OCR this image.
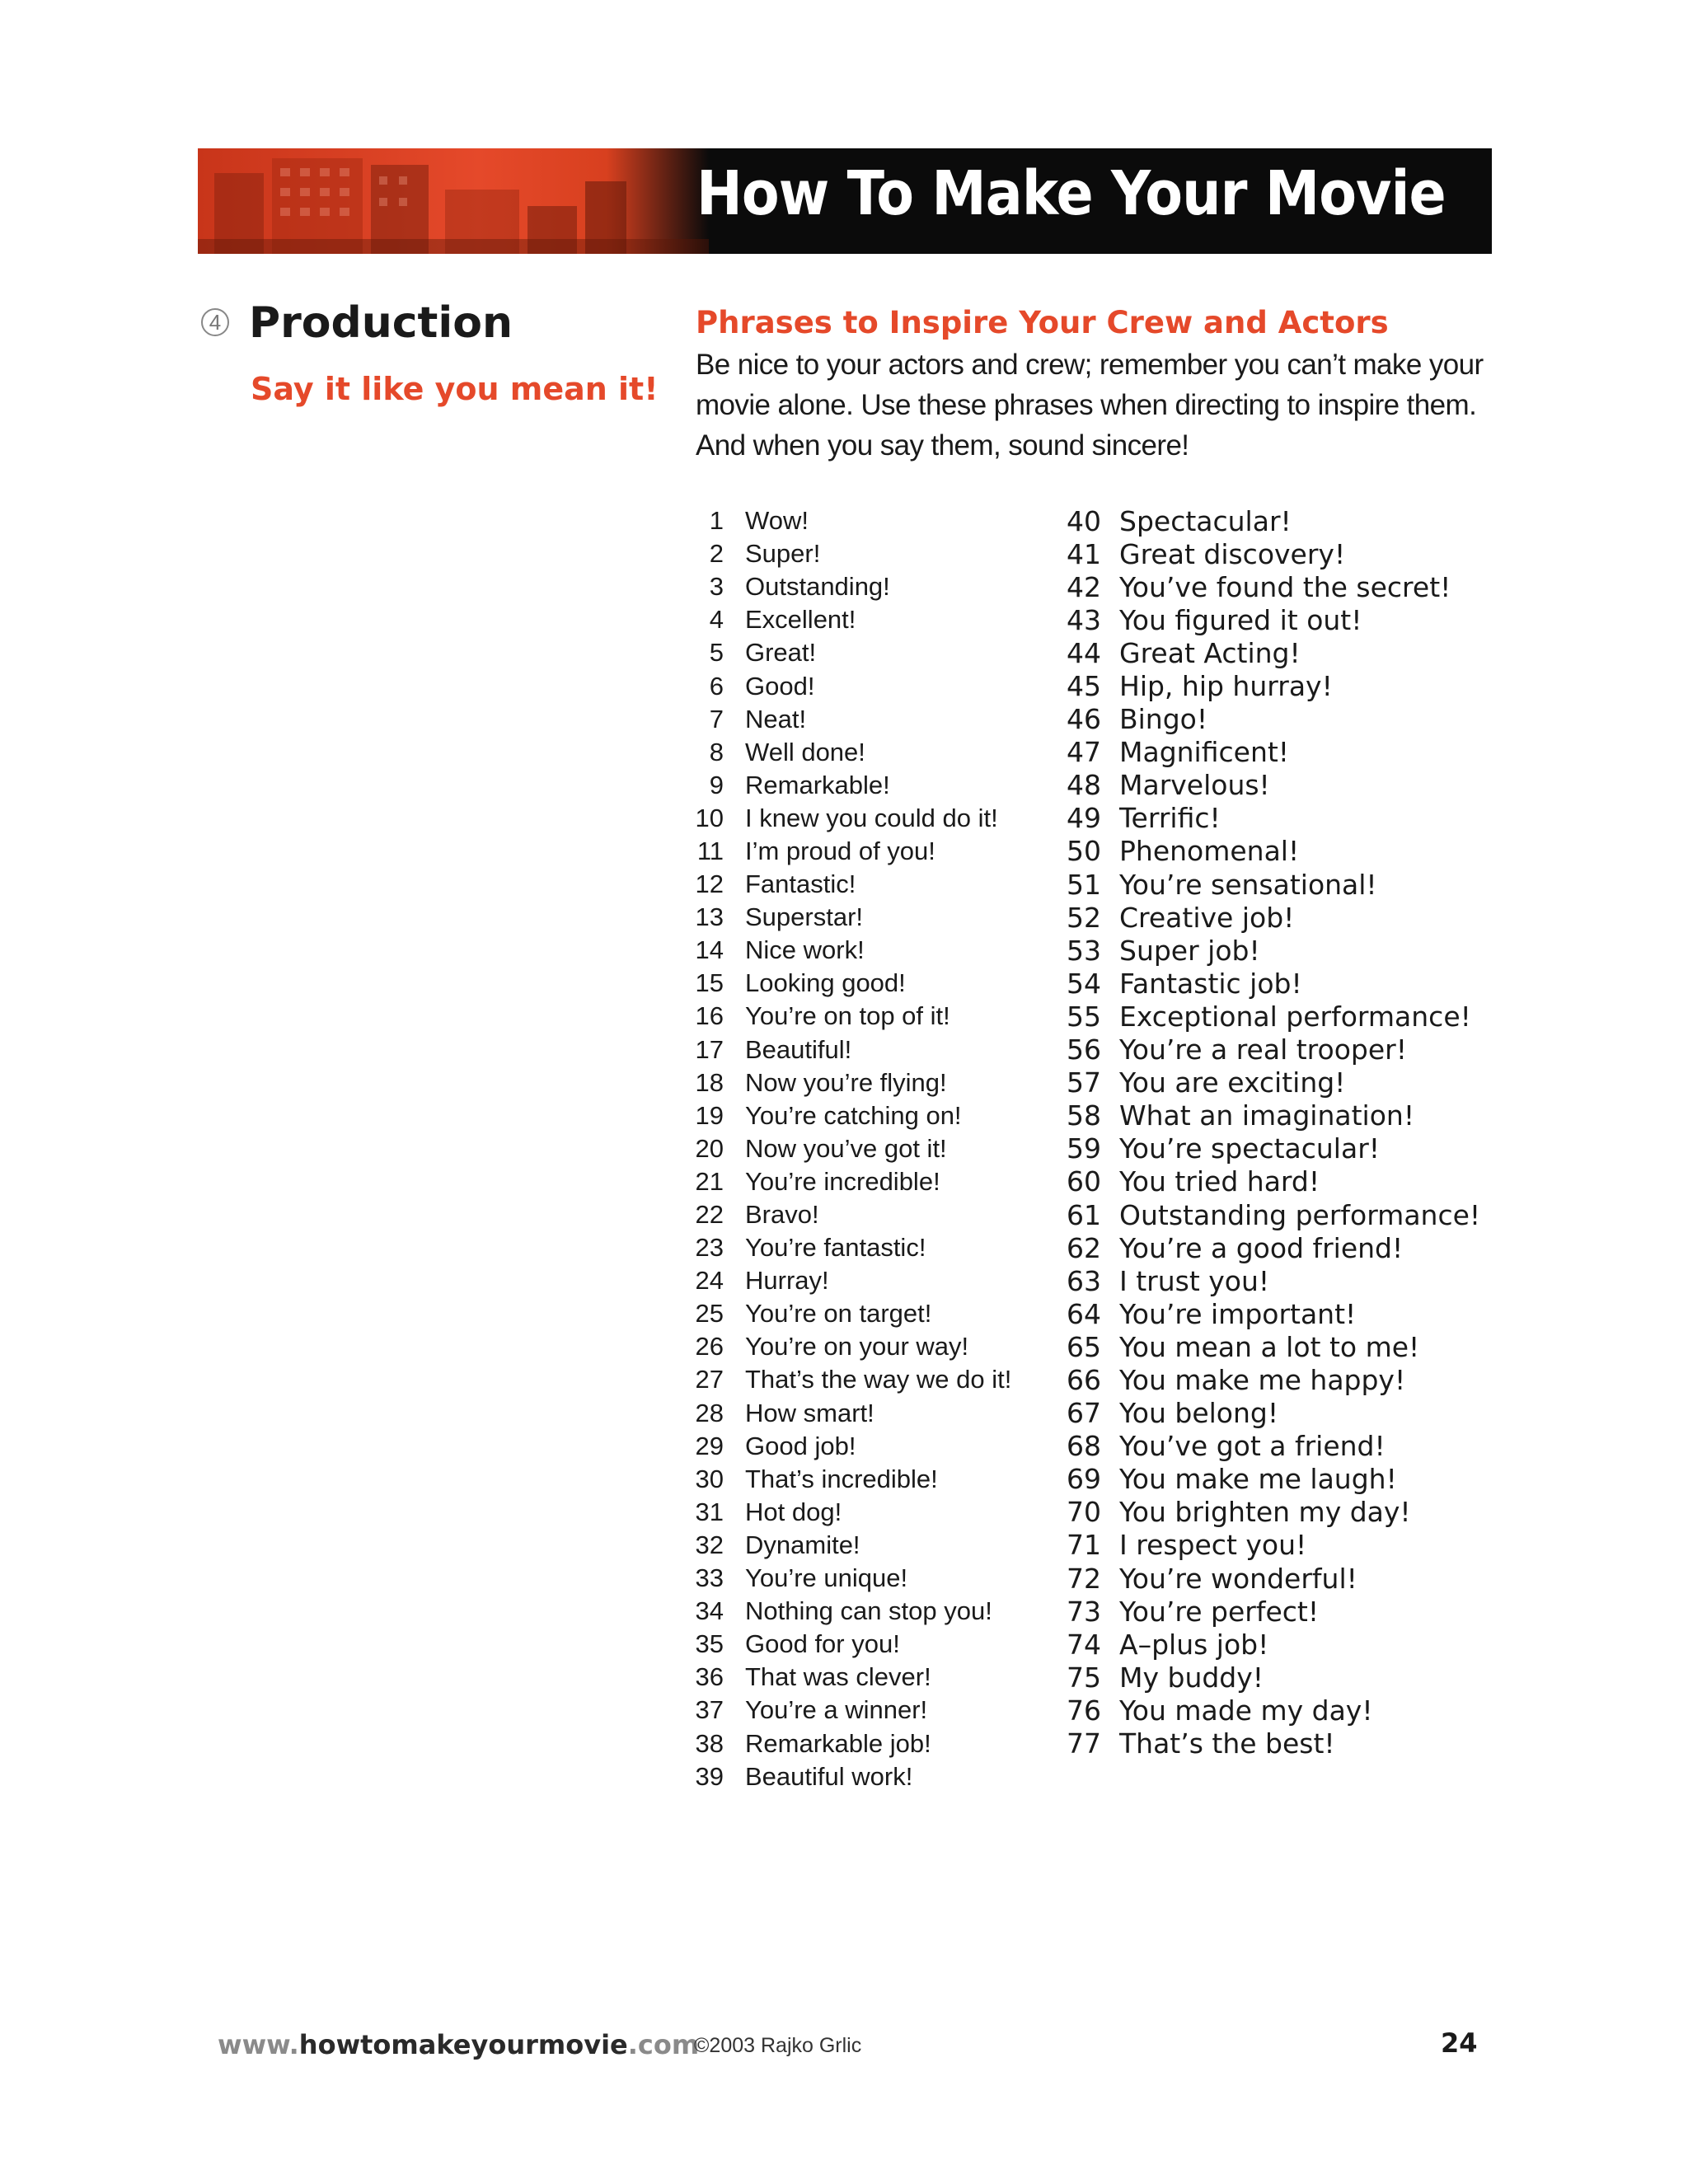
How To Make Your Movie
4 Production
Say it like you mean it!
Phrases to Inspire Your Crew and Actors
Be nice to your actors and crew; remember you can’t make your movie alone. Use these phrases when directing to inspire them. And when you say them, sound sincere!
1 Wow!
2 Super!
3 Outstanding!
4 Excellent!
5 Great!
6 Good!
7 Neat!
8 Well done!
9 Remarkable!
10 I knew you could do it!
11 I’m proud of you!
12 Fantastic!
13 Superstar!
14 Nice work!
15 Looking good!
16 You’re on top of it!
17 Beautiful!
18 Now you’re flying!
19 You’re catching on!
20 Now you’ve got it!
21 You’re incredible!
22 Bravo!
23 You’re fantastic!
24 Hurray!
25 You’re on target!
26 You’re on your way!
27 That’s the way we do it!
28 How smart!
29 Good job!
30 That’s incredible!
31 Hot dog!
32 Dynamite!
33 You’re unique!
34 Nothing can stop you!
35 Good for you!
36 That was clever!
37 You’re a winner!
38 Remarkable job!
39 Beautiful work!
40 Spectacular!
41 Great discovery!
42 You’ve found the secret!
43 You figured it out!
44 Great Acting!
45 Hip, hip hurray!
46 Bingo!
47 Magnificent!
48 Marvelous!
49 Terrific!
50 Phenomenal!
51 You’re sensational!
52 Creative job!
53 Super job!
54 Fantastic job!
55 Exceptional performance!
56 You’re a real trooper!
57 You are exciting!
58 What an imagination!
59 You’re spectacular!
60 You tried hard!
61 Outstanding performance!
62 You’re a good friend!
63 I trust you!
64 You’re important!
65 You mean a lot to me!
66 You make me happy!
67 You belong!
68 You’ve got a friend!
69 You make me laugh!
70 You brighten my day!
71 I respect you!
72 You’re wonderful!
73 You’re perfect!
74 A–plus job!
75 My buddy!
76 You made my day!
77 That’s the best!
www.howtomakeyourmovie.com
©2003 Rajko Grlic	24
